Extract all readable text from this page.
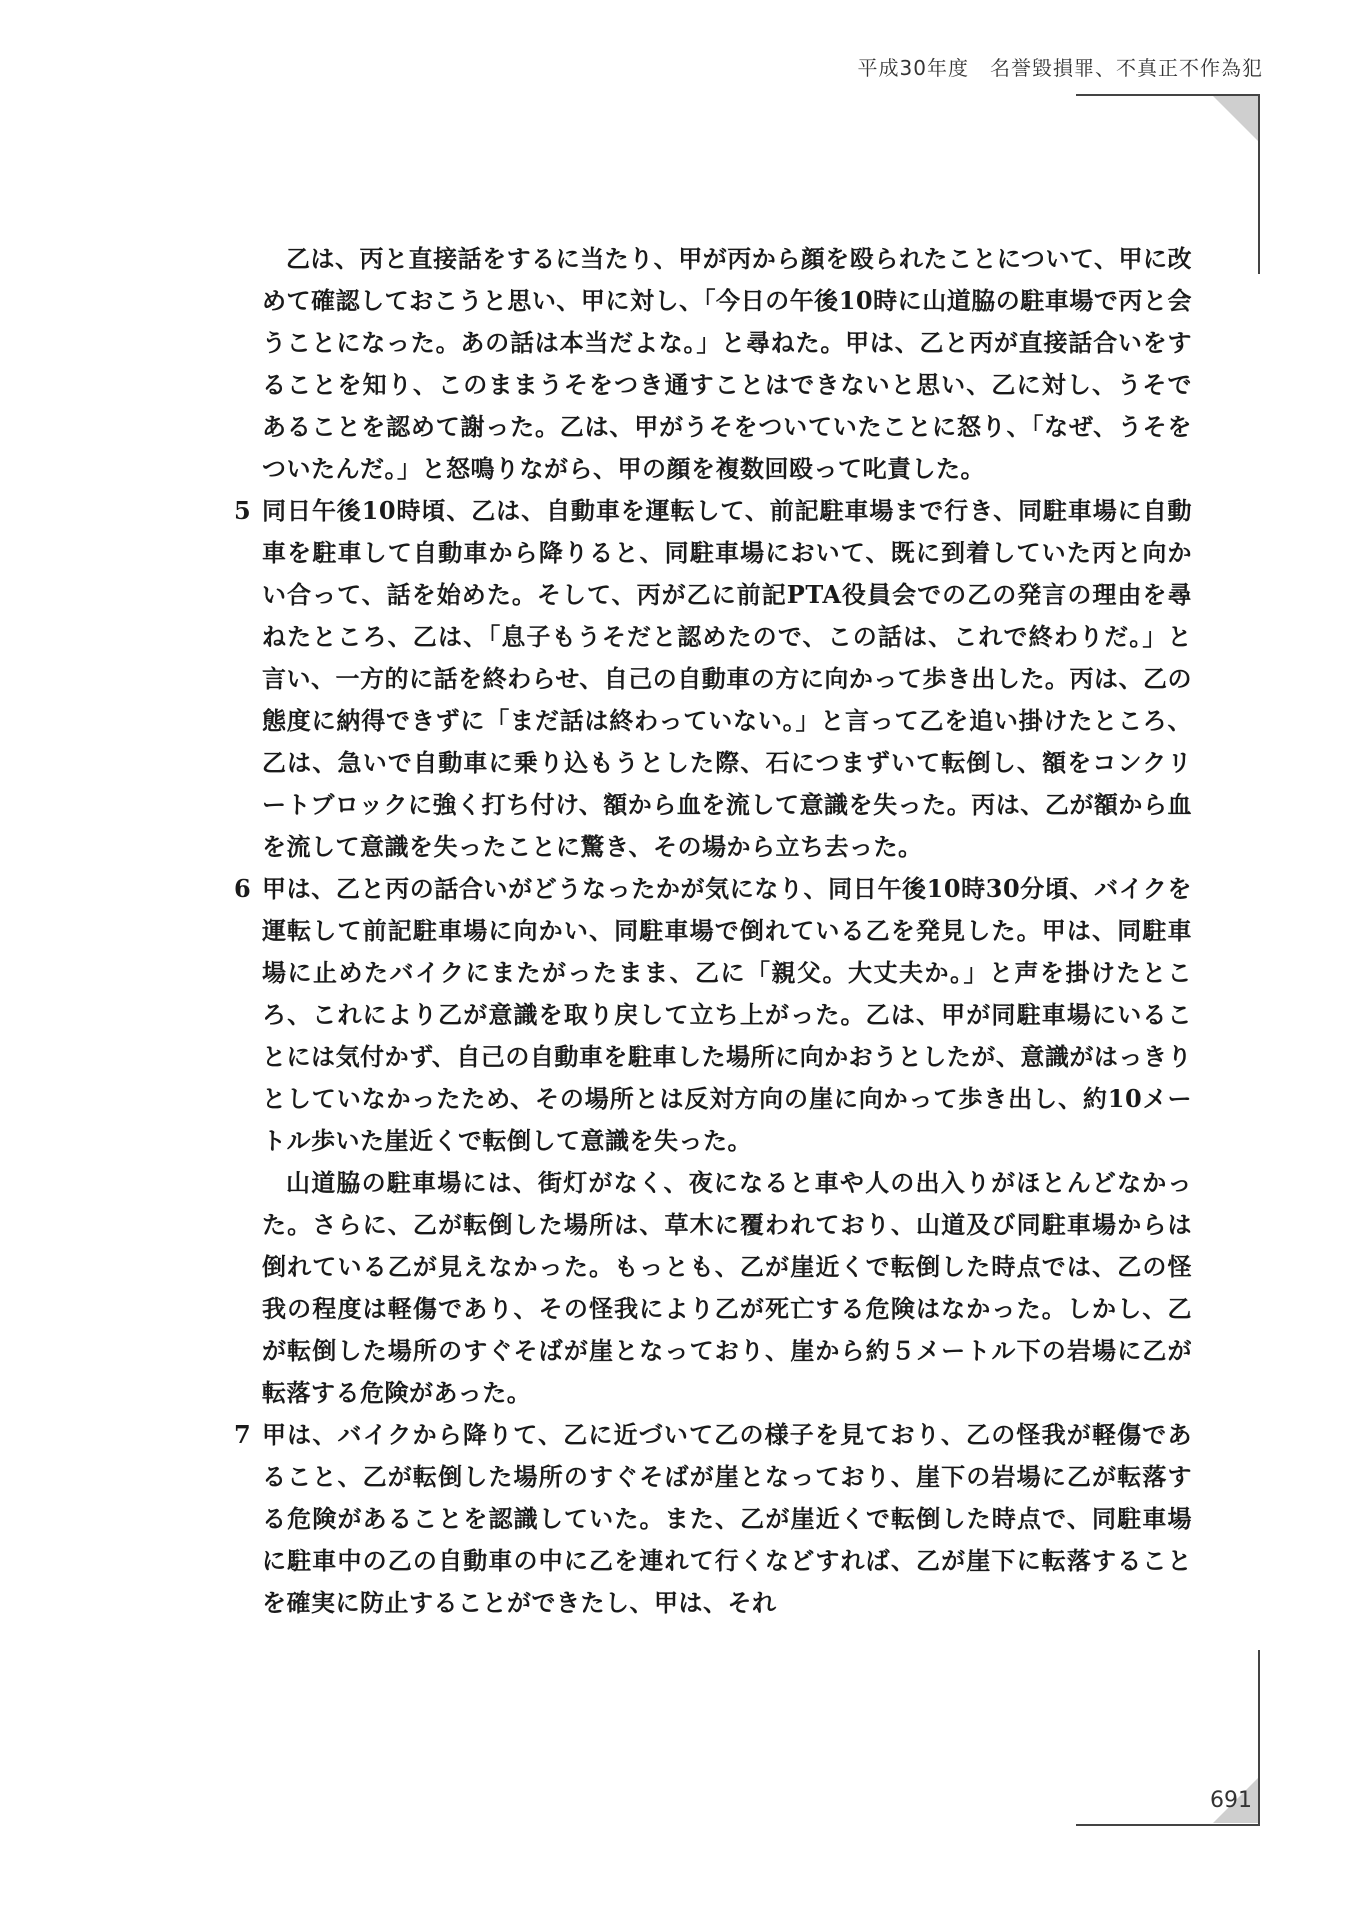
平成30年度　名誉毀損罪、不真正不作為犯

乙は、丙と直接話をするに当たり、甲が丙から顔を殴られたことについて、甲に改めて確認しておこうと思い、甲に対し、「今日の午後10時に山道脇の駐車場で丙と会うことになった。あの話は本当だよな。」と尋ねた。甲は、乙と丙が直接話合いをすることを知り、このままうそをつき通すことはできないと思い、乙に対し、うそであることを認めて謝った。乙は、甲がうそをついていたことに怒り、「なぜ、うそをついたんだ。」と怒鳴りながら、甲の顔を複数回殴って叱責した。

5 同日午後10時頃、乙は、自動車を運転して、前記駐車場まで行き、同駐車場に自動車を駐車して自動車から降りると、同駐車場において、既に到着していた丙と向かい合って、話を始めた。そして、丙が乙に前記PTA役員会での乙の発言の理由を尋ねたところ、乙は、「息子もうそだと認めたので、この話は、これで終わりだ。」と言い、一方的に話を終わらせ、自己の自動車の方に向かって歩き出した。丙は、乙の態度に納得できずに「まだ話は終わっていない。」と言って乙を追い掛けたところ、乙は、急いで自動車に乗り込もうとした際、石につまずいて転倒し、額をコンクリートブロックに強く打ち付け、額から血を流して意識を失った。丙は、乙が額から血を流して意識を失ったことに驚き、その場から立ち去った。

6 甲は、乙と丙の話合いがどうなったかが気になり、同日午後10時30分頃、バイクを運転して前記駐車場に向かい、同駐車場で倒れている乙を発見した。甲は、同駐車場に止めたバイクにまたがったまま、乙に「親父。大丈夫か。」と声を掛けたところ、これにより乙が意識を取り戻して立ち上がった。乙は、甲が同駐車場にいることには気付かず、自己の自動車を駐車した場所に向かおうとしたが、意識がはっきりとしていなかったため、その場所とは反対方向の崖に向かって歩き出し、約10メートル歩いた崖近くで転倒して意識を失った。

山道脇の駐車場には、街灯がなく、夜になると車や人の出入りがほとんどなかった。さらに、乙が転倒した場所は、草木に覆われており、山道及び同駐車場からは倒れている乙が見えなかった。もっとも、乙が崖近くで転倒した時点では、乙の怪我の程度は軽傷であり、その怪我により乙が死亡する危険はなかった。しかし、乙が転倒した場所のすぐそばが崖となっており、崖から約５メートル下の岩場に乙が転落する危険があった。

7 甲は、バイクから降りて、乙に近づいて乙の様子を見ており、乙の怪我が軽傷であること、乙が転倒した場所のすぐそばが崖となっており、崖下の岩場に乙が転落する危険があることを認識していた。また、乙が崖近くで転倒した時点で、同駐車場に駐車中の乙の自動車の中に乙を連れて行くなどすれば、乙が崖下に転落することを確実に防止することができたし、甲は、それ

691
